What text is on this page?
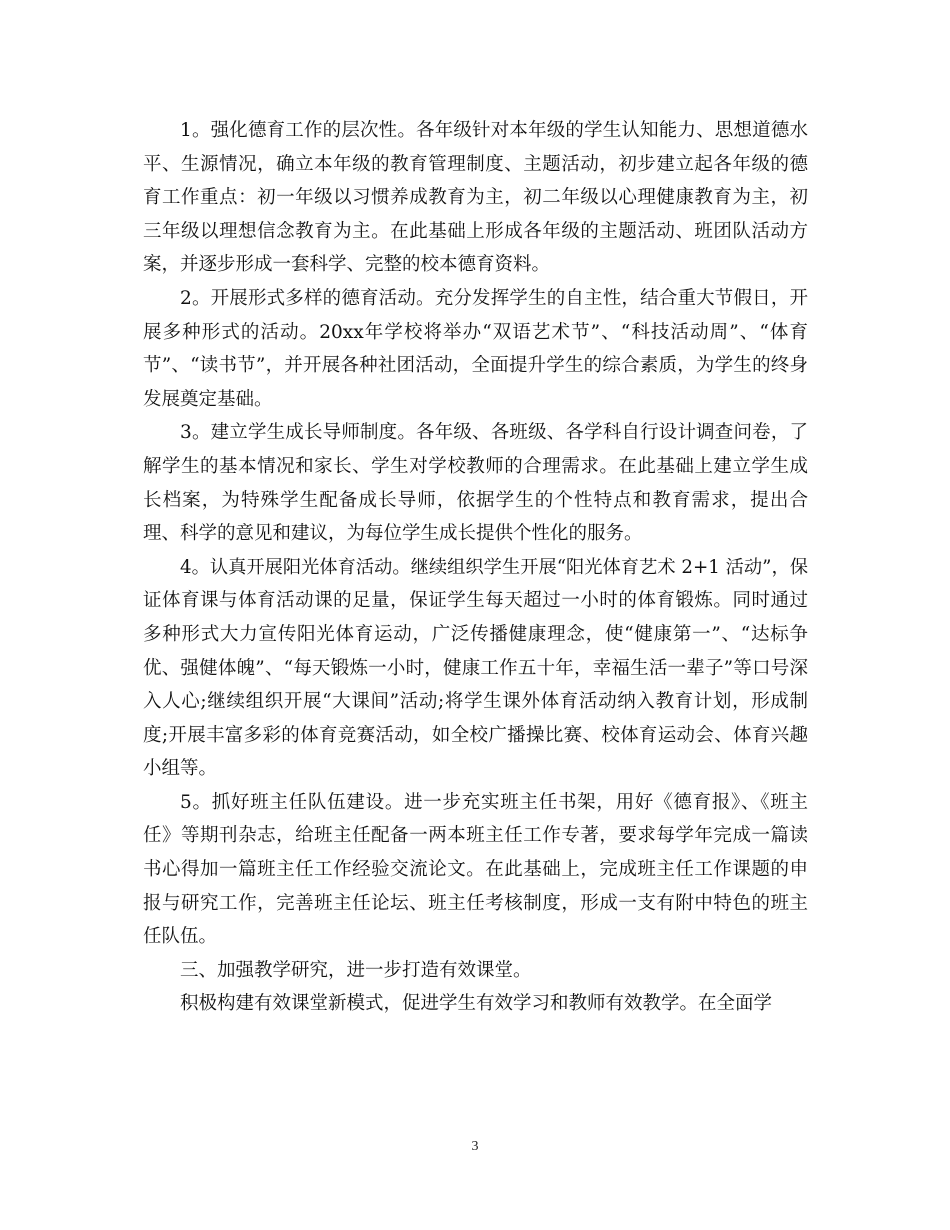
1。强化德育工作的层次性。各年级针对本年级的学生认知能力、思想道德水
平、生源情况，确立本年级的教育管理制度、主题活动，初步建立起各年级的德
育工作重点：初一年级以习惯养成教育为主，初二年级以心理健康教育为主，初
三年级以理想信念教育为主。在此基础上形成各年级的主题活动、班团队活动方
案，并逐步形成一套科学、完整的校本德育资料。
2。开展形式多样的德育活动。充分发挥学生的自主性，结合重大节假日，开
展多种形式的活动。20xx年学校将举办“双语艺术节”、“科技活动周”、“体育
节”、“读书节”，并开展各种社团活动，全面提升学生的综合素质，为学生的终身
发展奠定基础。
3。建立学生成长导师制度。各年级、各班级、各学科自行设计调查问卷，了
解学生的基本情况和家长、学生对学校教师的合理需求。在此基础上建立学生成
长档案，为特殊学生配备成长导师，依据学生的个性特点和教育需求，提出合
理、科学的意见和建议，为每位学生成长提供个性化的服务。
4。认真开展阳光体育活动。继续组织学生开展“阳光体育艺术 2+1 活动”，保
证体育课与体育活动课的足量，保证学生每天超过一小时的体育锻炼。同时通过
多种形式大力宣传阳光体育运动，广泛传播健康理念，使“健康第一”、“达标争
优、强健体魄”、“每天锻炼一小时，健康工作五十年，幸福生活一辈子”等口号深
入人心;继续组织开展“大课间”活动;将学生课外体育活动纳入教育计划，形成制
度;开展丰富多彩的体育竞赛活动，如全校广播操比赛、校体育运动会、体育兴趣
小组等。
5。抓好班主任队伍建设。进一步充实班主任书架，用好《德育报》、《班主
任》等期刊杂志，给班主任配备一两本班主任工作专著，要求每学年完成一篇读
书心得加一篇班主任工作经验交流论文。在此基础上，完成班主任工作课题的申
报与研究工作，完善班主任论坛、班主任考核制度，形成一支有附中特色的班主
任队伍。
三、加强教学研究，进一步打造有效课堂。
积极构建有效课堂新模式，促进学生有效学习和教师有效教学。在全面学
3
